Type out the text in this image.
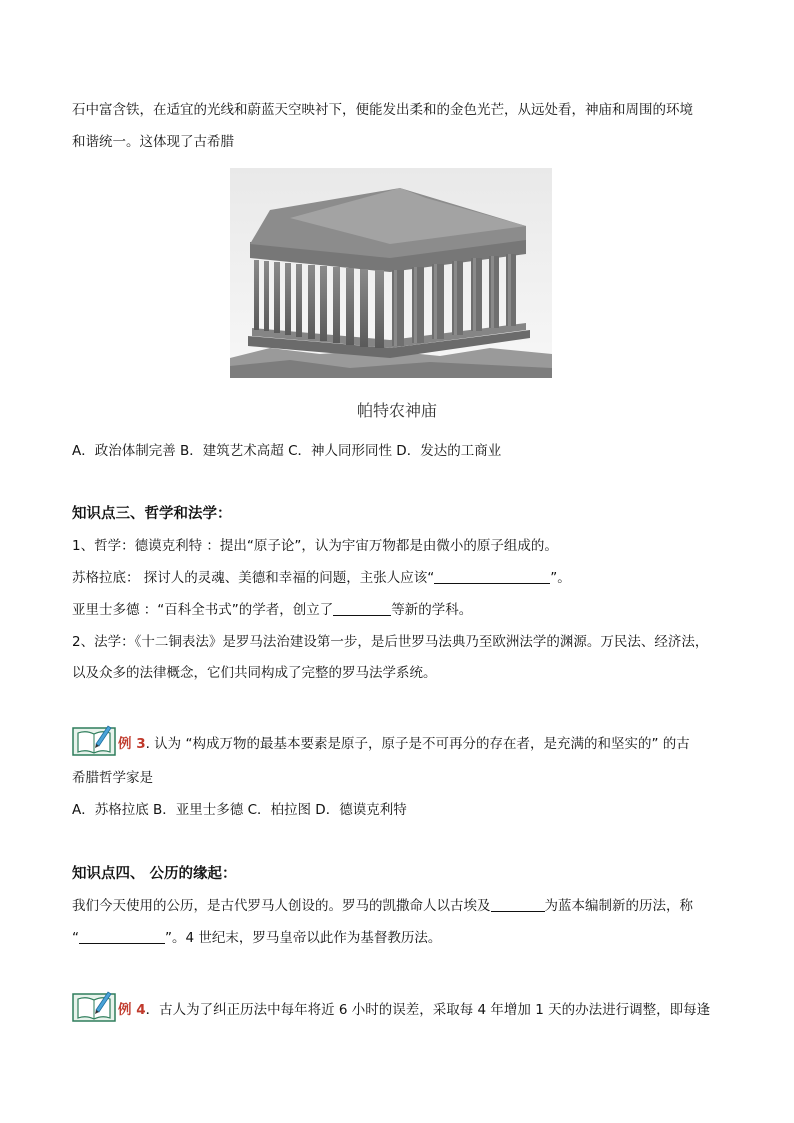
石中富含铁，在适宜的光线和蔚蓝天空映衬下，便能发出柔和的金色光芒，从远处看，神庙和周围的环境
和谐统一。这体现了古希腊
帕特农神庙
A．政治体制完善 B．建筑艺术高超 C．神人同形同性 D．发达的工商业
知识点三、哲学和法学：
1、哲学：德谟克利特 ：提出“原子论”，认为宇宙万物都是由微小的原子组成的。
苏格拉底： 探讨人的灵魂、美德和幸福的问题，主张人应该“	”。
亚里士多德 ：“百科全书式”的学者，创立了	等新的学科。
2、法学：《十二铜表法》是罗马法治建设第一步，是后世罗马法典乃至欧洲法学的渊源。万民法、经济法，
以及众多的法律概念，它们共同构成了完整的罗马法学系统。
例 3. 认为 “构成万物的最基本要素是原子，原子是不可再分的存在者，是充满的和坚实的” 的古
希腊哲学家是
A．苏格拉底 B．亚里士多德 C．柏拉图 D．德谟克利特
知识点四、 公历的缘起：
我们今天使用的公历，是古代罗马人创设的。罗马的凯撒命人以古埃及	为蓝本编制新的历法，称
“	”。4 世纪末，罗马皇帝以此作为基督教历法。
例 4．古人为了纠正历法中每年将近 6 小时的误差，采取每 4 年增加 1 天的办法进行调整，即每逢
